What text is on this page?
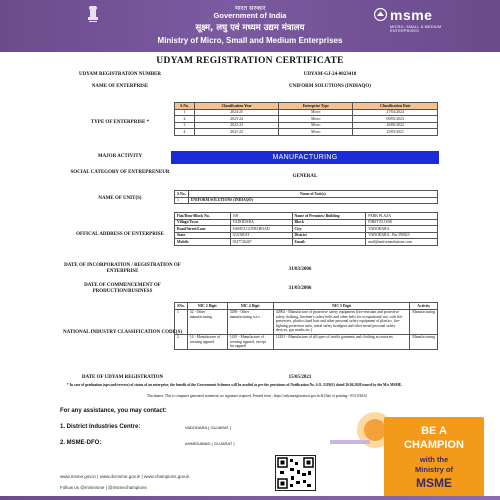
भारत सरकार
Government of India
सूक्ष्म, लघु एवं मध्यम उद्यम मंत्रालय
Ministry of Micro, Small and Medium Enterprises
msme
MICRO, SMALL & MEDIUM ENTERPRISES
UDYAM REGISTRATION CERTIFICATE
UDYAM REGISTRATION NUMBER	UDYAM-GJ-24-0023410
NAME OF ENTERPRISE	UNIFORM SOLUTIONS (INDIAQO)
TYPE OF ENTERPRISE *
S.No.	Classification Year	Enterprise Type	Classification Date
1	2024-25	Micro	27/04/2024
2	2023-24	Micro	09/05/2023
3	2022-23	Micro	26/06/2022
4	2021-22	Micro	25/05/2021
MAJOR ACTIVITY	MANUFACTURING
SOCIAL CATEGORY OF ENTREPRENEUR
GENERAL
NAME OF UNIT(S)
S.No.	Name of Unit(s)
1	UNIFORM SOLUTIONS (INDIAQO)
OFFICAL ADDRESS OF ENTERPRISE
Flat/Door/Block No.	108	Name of Premises/ Building	PARK PLAZA
Village/Town	VADODARA	Block	FIRST FLOOR
Road/Street/Lane	SAMTA GOTRI ROAD	City	VADODARA
State	GUJARAT	District	VADODARA , Pin 390023
Mobile	9327726267	Email:	mail@uniformsolutions.com
DATE OF INCORPORATION / REGISTRATION OF ENTERPRISE	31/03/2006
DATE OF COMMENCEMENT OF PRODUCTION/BUSINESS
31/03/2006
NATIONAL INDUSTRY CLASSIFICATION CODE(S)
SNo.	NIC 2 Digit	NIC 4 Digit	NIC 5 Digit	Activity
1	32 - Other manufacturing	3290 - Other manufacturing n.e.c.	32902 - Manufacture of protective safety equipment (fire-resistant and protective safety clothing, linemen's safety belts and other belts for occupational use, cork life preservers, plastics hard hats and other personal safety equipment of plastics, fire-fighting protection suits, metal safety headgear and other metal personal safety devices, gas masks etc.)	Manufacturing
2	14 - Manufacture of wearing apparel	1410 - Manufacture of wearing apparel, except fur apparel	14101 - Manufacture of all types of textile garments and clothing accessories	Manufacturing
DATE OF UDYAM REGISTRATION	15/05/2021
* In case of graduation (upward/reverse) of status of an enterprise, the benefit of the Government Schemes will be availed as per the provisions of Notification No. S.O. 2119(E) dated 26.06.2020 issued by the M/o MSME.
Disclaimer: This is computer generated statement, no signature required. Printed from : https://udyamregistration.gov.in & Date of printing:- 05/10/2024
For any assistance, you may contact:
1. District Industries Centre:	VADODARA ( GUJARAT )
2. MSME-DFO:	AHMEDABAD ( GUJARAT )
BE A
CHAMPION
with the
Ministry of
MSME
www.msme.gov.in | www.dcmsme.gov.in | www.champions.gov.in
Follow us @minmsme | @msmechampions
